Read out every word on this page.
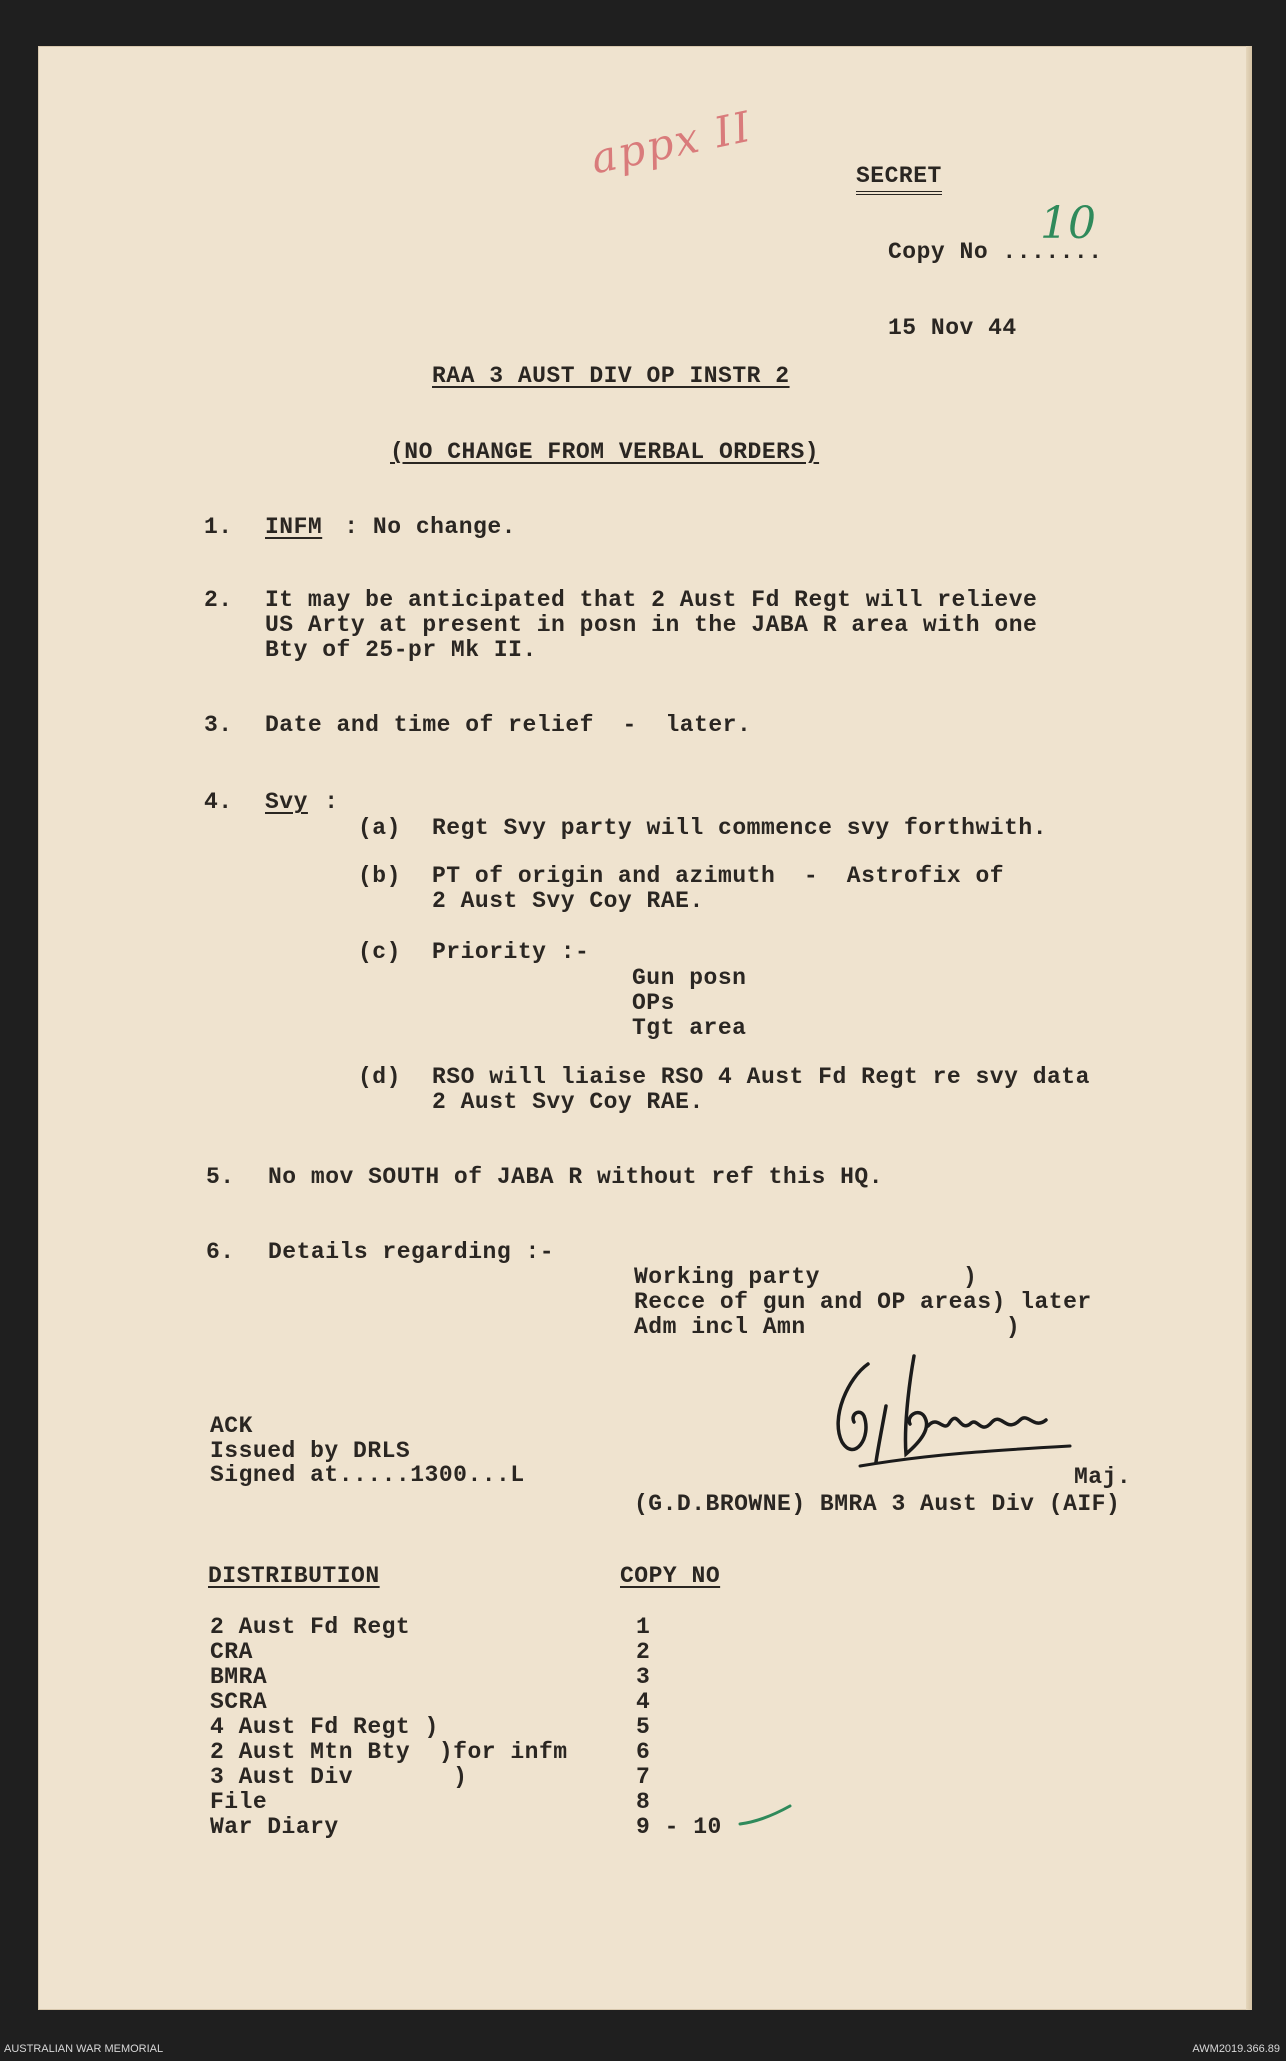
appx II	SECRET
Copy No .......
10
15 Nov 44
RAA 3 AUST DIV OP INSTR 2
(NO CHANGE FROM VERBAL ORDERS)
1. INFM : No change.
2. It may be anticipated that 2 Aust Fd Regt will relieve
US Arty at present in posn in the JABA R area with one
Bty of 25-pr Mk II.
3. Date and time of relief  -  later.
4. Svy :
(a) Regt Svy party will commence svy forthwith.
(b) PT of origin and azimuth  -  Astrofix of
2 Aust Svy Coy RAE.
(c) Priority :-
Gun posn
OPs
Tgt area
(d) RSO will liaise RSO 4 Aust Fd Regt re svy data
2 Aust Svy Coy RAE.
5. No mov SOUTH of JABA R without ref this HQ.
6. Details regarding :-
Working party          )
Recce of gun and OP areas) later
Adm incl Amn              )
ACK
Issued by DRLS
Signed at.....1300...L	Maj.
(G.D.BROWNE) BMRA 3 Aust Div (AIF)
DISTRIBUTION	COPY NO
2 Aust Fd Regt	1
CRA	2
BMRA	3
SCRA	4
4 Aust Fd Regt )	5
2 Aust Mtn Bty  )for infm	6
3 Aust Div       )	7
File	8
War Diary	9 - 10
AUSTRALIAN WAR MEMORIAL	AWM2019.366.89
